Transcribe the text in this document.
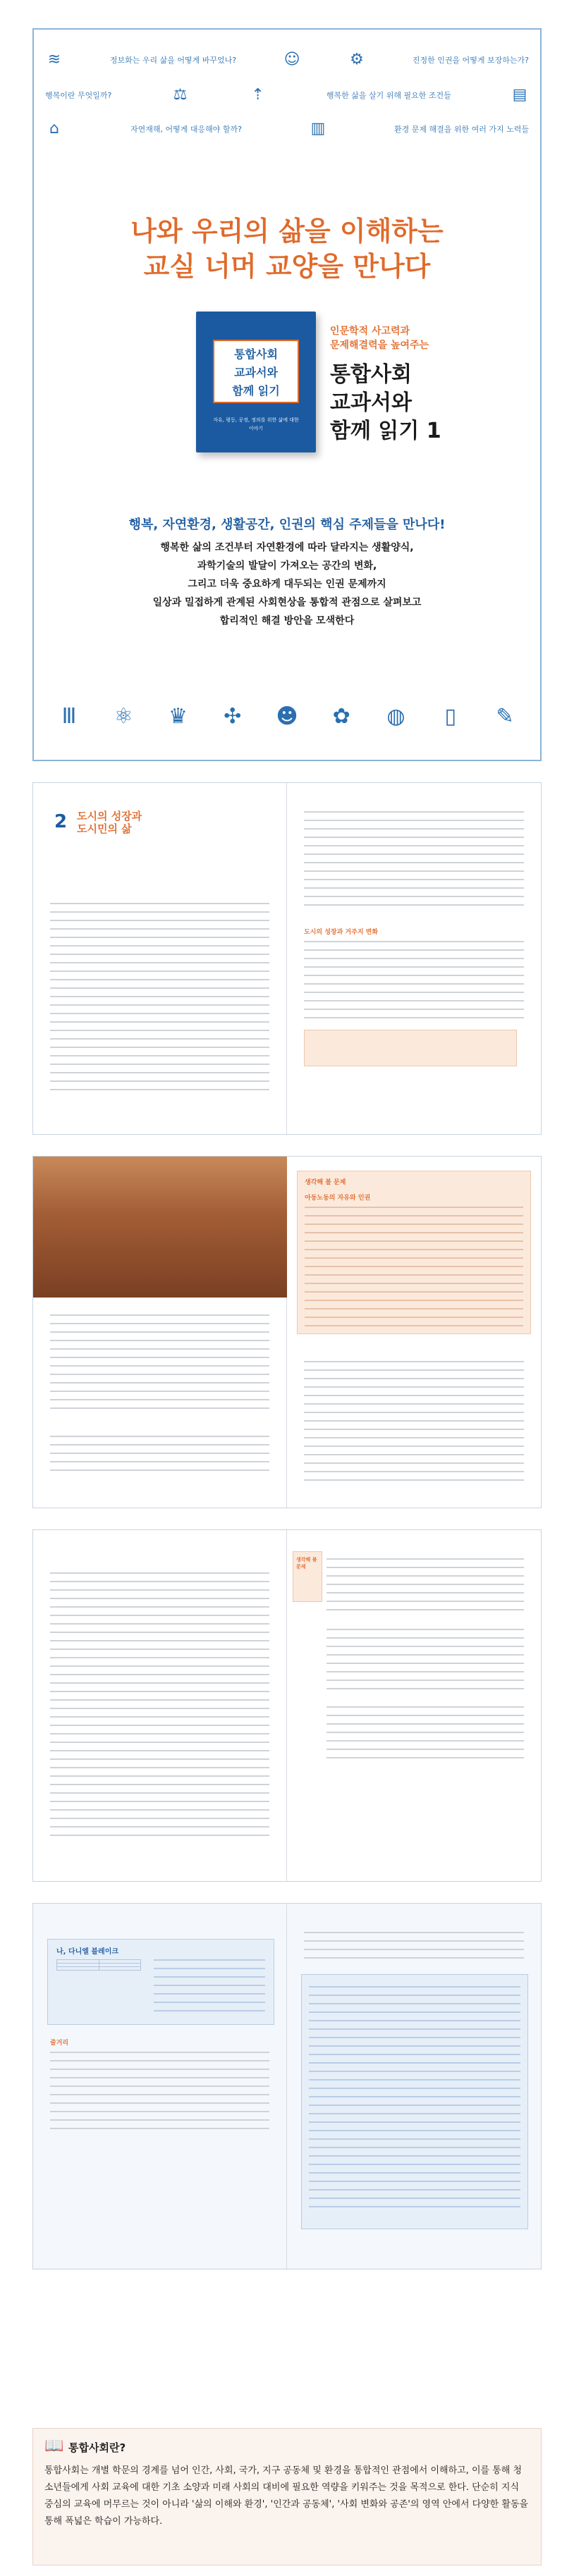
≋	정보화는 우리 삶을 어떻게 바꾸었나?	☺	⚙	진정한 인권을 어떻게 보장하는가?
행복이란 무엇일까?	⚖	⇡	행복한 삶을 살기 위해 필요한 조건들	▤
⌂	자연재해, 어떻게 대응해야 할까?	▥	환경 문제 해결을 위한 여러 가지 노력들
나와 우리의 삶을 이해하는
교실 너머 교양을 만나다
통합사회
교과서와
함께 읽기
자유, 평등, 공정, 정의를 위한 삶에 대한 이야기
인문학적 사고력과
문제해결력을 높여주는
통합사회
교과서와
함께 읽기 1
행복, 자연환경, 생활공간, 인권의 핵심 주제들을 만나다!
행복한 삶의 조건부터 자연환경에 따라 달라지는 생활양식,
과학기술의 발달이 가져오는 공간의 변화,
그리고 더욱 중요하게 대두되는 인권 문제까지
일상과 밀접하게 관계된 사회현상을 통합적 관점으로 살펴보고
합리적인 해결 방안을 모색한다
Ⅲ	⚛ ♛ ✣ ☻ ✿ ◍	▯	✎
2 도시의 성장과
도시민의 삶
도시의 성장과 거주지 변화
생각해 볼 문제
아동노동의 자유와 인권
생각해 볼 문제
나, 다니엘 블레이크

줄거리
📖 통합사회란?
통합사회는 개별 학문의 경계를 넘어 인간, 사회, 국가, 지구 공동체 및 환경을 통합적인 관점에서 이해하고, 이를 통해 청소년들에게 사회 교육에 대한 기초 소양과 미래 사회의 대비에 필요한 역량을 키워주는 것을 목적으로 한다. 단순히 지식 중심의 교육에 머무르는 것이 아니라 '삶의 이해와 환경', '인간과 공동체', '사회 변화와 공존'의 영역 안에서 다양한 활동을 통해 폭넓은 학습이 가능하다.
